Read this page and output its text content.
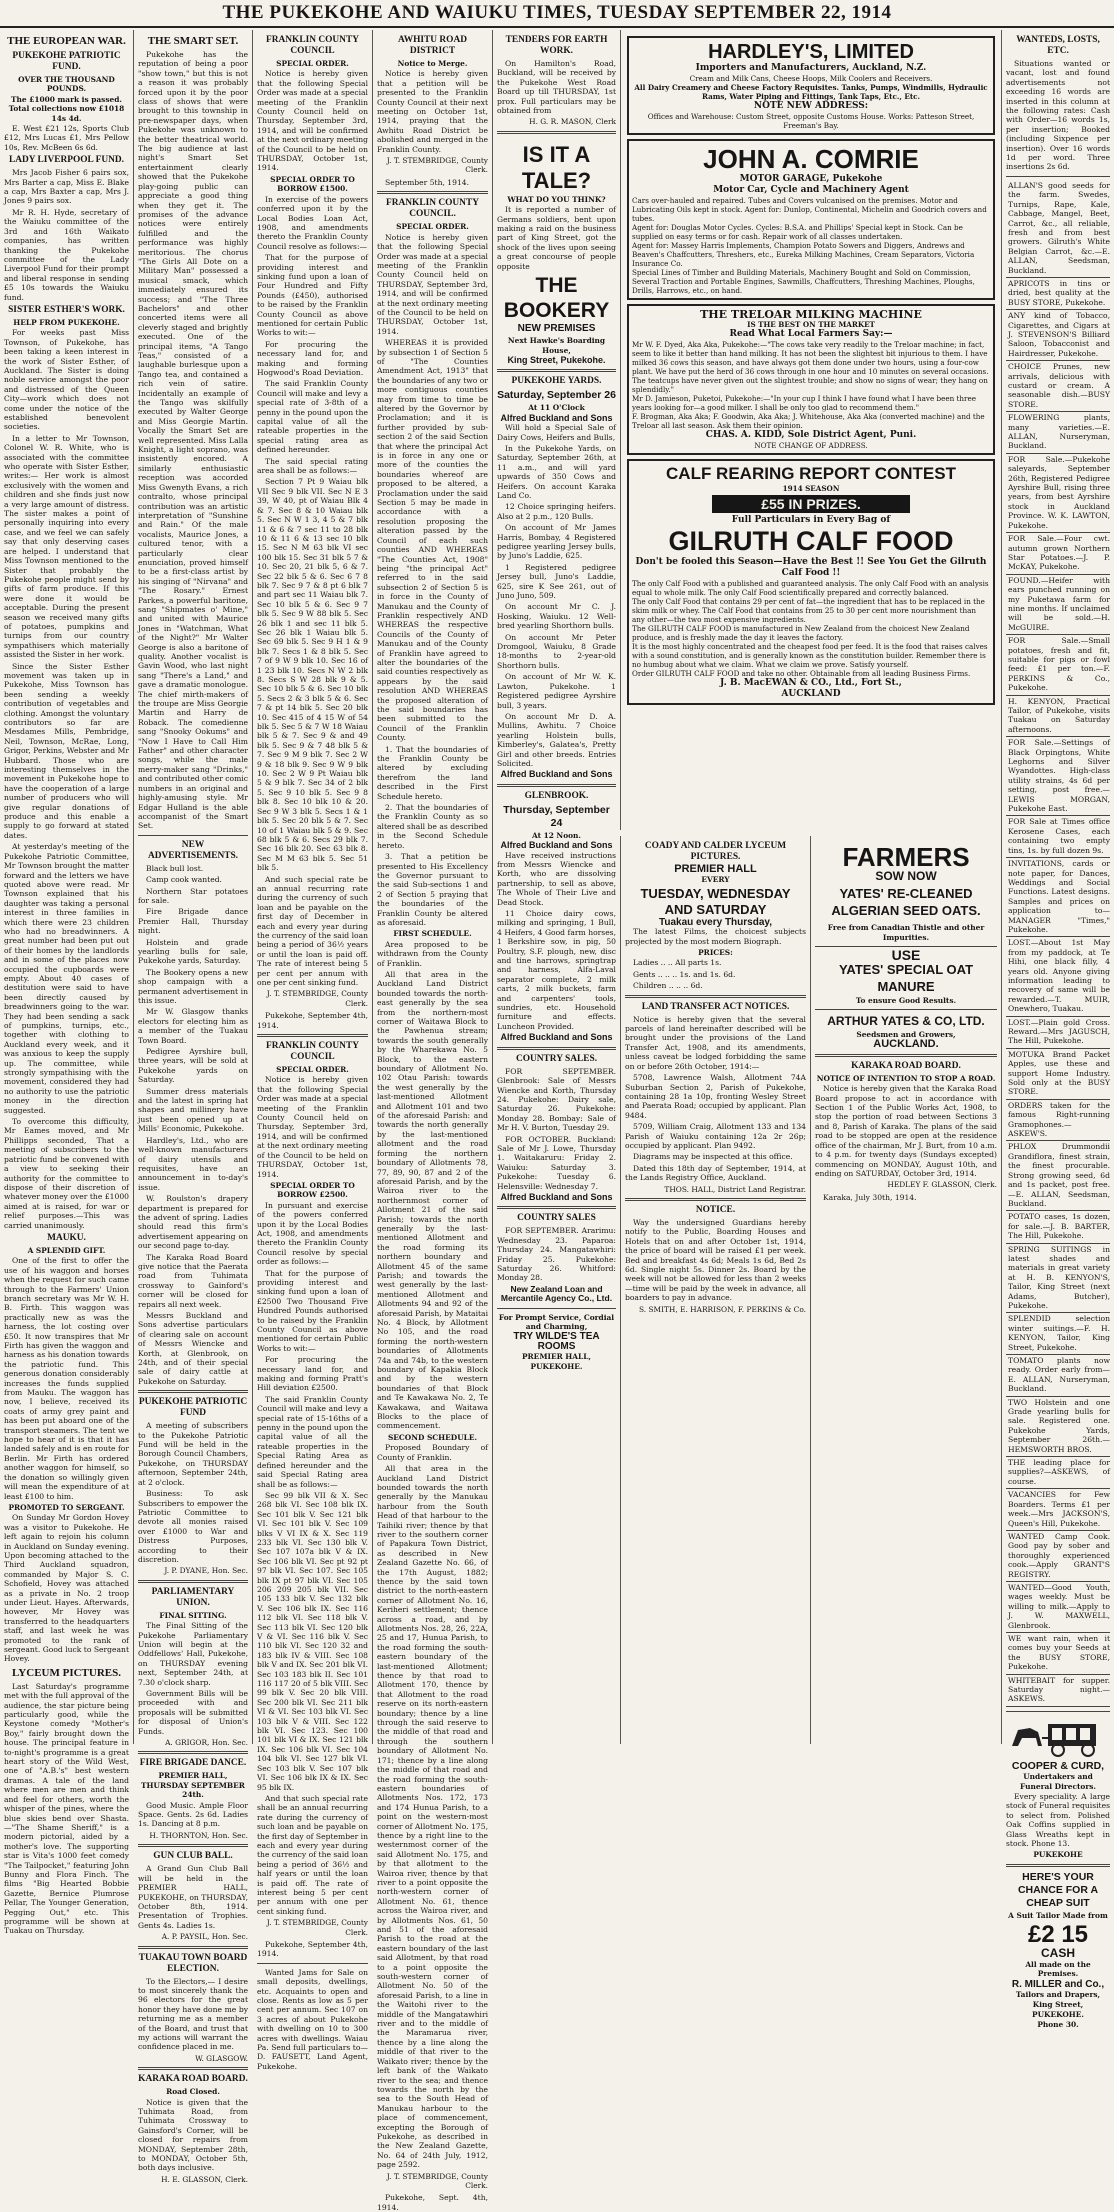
THE PUKEKOHE AND WAIUKU TIMES, TUESDAY SEPTEMBER 22, 1914
THE EUROPEAN WAR.
PUKEKOHE PATRIOTIC FUND.
OVER THE THOUSAND POUNDS.
The £1000 mark is passed. Total collections now £1018 14s 4d.

E. West £21 12s, Sports Club £12, Mrs Lucas £1, Mrs Pellow 10s, Rev. McBeen 6s 6d.

LADY LIVERPOOL FUND.

Mrs Jacob Fisher 6 pairs sox, Mrs Barter a cap, Miss E. Blake a cap, Mrs Baxter a cap, Mrs J. Jones 9 pairs sox.

Mr R. H. Hyde, secretary of the Waiuku committee of the 3rd and 16th Waikato companies, has written thanking the Pukekohe committee of the Lady Liverpool Fund for their prompt and liberal response in sending £5 10s towards the Waiuku fund.

SISTER ESTHER'S WORK.
HELP FROM PUKEKOHE.

For weeks past Miss Townson, of Pukekohe, has been taking a keen interest in the work of Sister Esther, of Auckland. The Sister is doing noble service amongst the poor and distressed of the Queen City—work which does not come under the notice of the established benevolent societies.

In a letter to Mr Townson, Colonel W. R. White, who is associated with the committee who operate with Sister Esther, writes:— Her work is almost exclusively with the women and children and she finds just now a very large amount of distress. The sister makes a point of personally inquiring into every case, and we feel we can safely say that only deserving cases are helped. I understand that Miss Townson mentioned to the Sister that probably the Pukekohe people might send by gifts of farm produce. If this were done it would be acceptable. During the present season we received many gifts of potatoes, pumpkins and turnips from our country sympathisers which materially assisted the Sister in her work.

Since the Sister Esther movement was taken up in Pukekohe, Miss Townson has been sending a weekly contribution of vegetables and clothing. Amongst the voluntary contributors so far are Mesdames Mills, Pembridge, Neil, Townson, McRae, Long, Grigor, Perkins, Webster and Mr Hubbard. Those who are interesting themselves in the movement in Pukekohe hope to have the cooperation of a large number of producers who will give regular donations of produce and this enable a supply to go forward at stated dates.

At yesterday's meeting of the Pukekohe Patriotic Committee, Mr Townson brought the matter forward and the letters we have quoted above were read. Mr Townson explained that his daughter was taking a personal interest in three families in which there were 23 children who had no breadwinners. A great number had been put out of their homes by the landlords and in some of the places now occupied the cupboards were empty. About 40 cases of destitution were said to have been directly caused by breadwinners going to the war. They had been sending a sack of pumpkins, turnips, etc., together with clothing to Auckland every week, and it was anxious to keep the supply up. The committee, while strongly sympathising with the movement, considered they had no authority to use the patriotic money in the direction suggested.

To overcome this difficulty, Mr Eames moved, and Mr Phillipps seconded, That a meeting of subscribers to the patriotic fund be convened with a view to seeking their authority for the committee to dispose of their discretion of whatever money over the £1000 aimed at is raised, for war or relief purposes.—This was carried unanimously.

MAUKU.
A SPLENDID GIFT.

One of the first to offer the use of his waggon and horses when the request for such came through to the Farmers' Union branch secretary was Mr W. H. B. Firth. This waggon was practically new as was the harness, the lot costing over £50. It now transpires that Mr Firth has given the waggon and harness as his donation towards the patriotic fund. This generous donation considerably increases the funds supplied from Mauku. The waggon has now, I believe, received its coats of army grey paint and has been put aboard one of the transport steamers. The tent we hope to hear of it is that it has landed safely and is en route for Berlin. Mr Firth has ordered another waggon for himself, so the donation so willingly given will mean the expenditure of at least £100 to him.

PROMOTED TO SERGEANT.

On Sunday Mr Gordon Hovey was a visitor to Pukekohe. He left again to rejoin his column in Auckland on Sunday evening. Upon becoming attached to the Third Auckland squadron, commanded by Major S. C. Schofield, Hovey was attached as a private in No. 2 troop under Lieut. Hayes. Afterwards, however, Mr Hovey was transferred to the headquarters staff, and last week he was promoted to the rank of sergeant. Good luck to Sergeant Hovey.

LYCEUM PICTURES.

Last Saturday's programme met with the full approval of the audience, the star picture being particularly good, while the Keystone comedy "Mother's Boy," fairly brought down the house. The principal feature in to-night's programme is a great heart story of the Wild West, one of "A.B.'s" best western dramas. A tale of the land where men are men and think and feel for others, worth the whisper of the pines, where the blue skies bend over Shasta.—"The Shame Sheriff," is a modern pictorial, aided by a mother's love. The supporting star is Vita's 1000 feet comedy "The Tailpocket," featuring John Bunny and Flora Finch. The films "Big Hearted Bobbie Gazette, Bernice Plumrose Pellar, The Younger Generation, Pegging Out," etc. This programme will be shown at Tuakau on Thursday.

THE SMART SET.

Pukekohe has the reputation of being a poor "show town," but this is not a reason it was probably forced upon it by the poor class of shows that were brought to this township in pre-newspaper days, when Pukekohe was unknown to the better theatrical world. The big audience at last night's Smart Set entertainment clearly showed that the Pukekohe play-going public can appreciate a good thing when they get it. The promises of the advance notices were entirely fulfilled and the performance was highly meritorious. The chorus "The Girls All Dote on a Military Man" possessed a musical smack, which immediately ensured its success; and "The Three Bachelors" and other concerted items were all cleverly staged and brightly executed. One of the principal items, "A Tango Teas," consisted of a laughable burlesque upon a Tango tea, and contained a rich vein of satire. Incidentally an example of the Tango was skilfully executed by Walter George and Miss Georgie Martin. Vocally the Smart Set are well represented. Miss Lalla Knight, a light soprano, was insistently encored. A similarly enthusiastic reception was accorded Miss Gwenyth Evans, a rich contralto, whose principal contribution was an artistic interpretation of "Sunshine and Rain." Of the male vocalists, Maurice Jones, a cultured tenor, with a particularly clear enunciation, proved himself to be a first-class artist by his singing of "Nirvana" and "The Rosary." Ernest Parkes, a powerful baritone, sang "Shipmates o' Mine," and united with Maurice Jones in "Watchman, What of the Night?" Mr Walter George is also a baritone of quality. Another vocalist is Gavin Wood, who last night sang "There's a Land," and gave a dramatic monologue. The chief mirth-makers of the troupe are Miss Georgie Martin and Harry de Roback. The comedienne sang "Snooky Ookums" and "Now I Have to Call Him Father" and other character songs, while the male merry-maker sang "Drinks," and contributed other comic numbers in an original and highly-amusing style. Mr Edgar Hulland is the able accompanist of the Smart Set.

NEW ADVERTISEMENTS.

Black bull lost.

Camp cook wanted.

Northern Star potatoes for sale.

Fire Brigade dance Premier Hall, Thursday night.

Holstein and grade yearling bulls for sale, Pukekohe yards, Saturday.

The Bookery opens a new shop campaign with a permanent advertisement in this issue.

Mr W. Glasgow thanks electors for electing him as a member of the Tuakau Town Board.

Pedigree Ayrshire bull, three years, will be sold at Pukekohe yards on Saturday.

Summer dress materials and the latest in spring hat shapes and millinery have just been opened up at Mills' Economic, Pukekohe.

Hardley's, Ltd., who are well-known manufacturers of dairy utensils and requisites, have an announcement in to-day's issue.

W. Roulston's drapery department is prepared for the advent of spring. Ladies should read this firm's advertisement appearing on our second page to-day.

The Karaka Road Board give notice that the Paerata road from Tuhimata crossway to Gainford's corner will be closed for repairs all next week.

Messrs Buckland and Sons advertise particulars of clearing sale on account of Messrs Wiencke and Korth, at Glenbrook, on 24th, and of their special sale of dairy cattle at Pukekohe on Saturday.

PUKEKOHE PATRIOTIC FUND

A meeting of subscribers to the Pukekohe Patriotic Fund will be held in the Borough Council Chambers, Pukekohe, on THURSDAY afternoon, September 24th, at 2 o'clock.

Business: To ask Subscribers to empower the Patriotic Committee to devote all monies raised over £1000 to War and Distress Purposes, according to their discretion.

J. P. DYANE, Hon. Sec.
PARLIAMENTARY UNION.
FINAL SITTING.

The Final Sitting of the Pukekohe Parliamentary Union will begin at the Oddfellows' Hall, Pukekohe, on THURSDAY evening next, September 24th, at 7.30 o'clock sharp.

Government Bills will be proceeded with and proposals will be submitted for disposal of Union's Funds.

A. GRIGOR, Hon. Sec.
FIRE BRIGADE DANCE.
PREMIER HALL, THURSDAY SEPTEMBER 24th.

Good Music. Ample Floor Space. Gents. 2s 6d. Ladies 1s. Dancing at 8 p.m.

H. THORNTON, Hon. Sec.
GUN CLUB BALL.

A Grand Gun Club Ball will be held in the PREMIER HALL, PUKEKOHE, on THURSDAY, October 8th, 1914. Presentation of Trophies. Gents 4s. Ladies 1s.

A. P. PAYSIL, Hon. Sec.
TUAKAU TOWN BOARD ELECTION.

To the Electors,— I desire to most sincerely thank the 96 electors for the great honor they have done me by returning me as a member of the Board, and trust that my actions will warrant the confidence placed in me.

W. GLASGOW.
KARAKA ROAD BOARD.
Road Closed.

Notice is given that the Tuhimata Road, from Tuhimata Crossway to Gainsford's Corner, will be closed for repairs from MONDAY, September 28th, to MONDAY, October 5th, both days inclusive.

H. E. GLASSON, Clerk.
FRANKLIN COUNTY COUNCIL
SPECIAL ORDER.

Notice is hereby given that the following Special Order was made at a special meeting of the Franklin County Council held on Thursday, September 3rd, 1914, and will be confirmed at the next ordinary meeting of the Council to be held on THURSDAY, October 1st, 1914.

SPECIAL ORDER TO BORROW £1500.

In exercise of the powers conferred upon it by the Local Bodies Loan Act, 1908, and amendments thereto the Franklin County Council resolve as follows:—

That for the purpose of providing interest and sinking fund upon a loan of Four Hundred and Fifty Pounds (£450), authorised to be raised by the Franklin County Council as above mentioned for certain Public Works to wit:—

For procuring the necessary land for, and making and forming Hogwood's Road Deviation.

The said Franklin County Council will make and levy a special rate of 3-8th of a penny in the pound upon the capital value of all the rateable properties in the special rating area as defined hereunder.

The said special rating area shall be as follows:—

Section 7 Pt 9 Waiau blk VII Sec 9 blk VII. Sec N E 3 39, W 40, pt of Waiau Blk 4 & 7. Sec 8 & 10 Waiau blk 5. Sec N W 1 3, 4 5 & 7 blk 11 & 6 & 7 sec 11 to 28 blk 10 & 11 6 & 13 sec 10 blk 15. Sec N M 63 blk VI sec 100 blk 15. Sec 31 blk 5 7 & 10. Sec 20, 21 blk 5, 6 & 7. Sec 22 blk 5 & 6. Sec 6 7 8 blk 7. Sec 9 7 & 8 pt 6 blk 7 and part sec 11 Waiau blk 7. Sec 10 blk 5 & 6. Sec 9 7 blk 5. Sec 9 W 88 blk 5. Sec 26 blk 1 and sec 11 blk 5. Sec 26 blk 1 Waiau blk 5. Sec 69 blk 5. Sec 9 H 1 & 9 blk 7. Secs 1 & 8 blk 5. Sec 7 of 9 W 9 blk 10. Sec 16 of 1 23 blk 10. Secs N W 2 blk 8. Secs S W 28 blk 9 & 5. Sec 10 blk 5 & 6. Sec 10 blk 5. Secs 2 & 3 blk 5 & 6. Sec 7 & pt 14 blk 5. Sec 20 blk 10. Sec 415 of 4 15 W of 54 blk 5. Sec 5 & 7 W 18 Waiau blk 5 & 7. Sec 9 & and 49 blk 5. Sec 9 & 7 48 blk 5 & 7. Sec 9 M 9 blk 7. Sec 2 W 9 & 18 blk 9. Sec 9 W 9 blk 10. Sec 2 W 9 Pt Waiau blk 5 & 9 blk 7. Sec 34 of 2 blk 5. Sec 9 10 blk 5. Sec 9 8 blk 8. Sec 10 blk 10 & 20. Sec 9 W 3 blk 5. Secs 1 & 1 blk 5. Sec 20 blk 5 & 7. Sec 10 of 1 Waiau blk 5 & 9. Sec 68 blk 5 & 6. Secs 29 blk 7. Sec 16 blk 20. Sec 63 blk 8. Sec M M 63 blk 5. Sec 51 blk 5.

And such special rate be an annual recurring rate during the currency of such loan and be payable on the first day of December in each and every year during the currency of the said loan being a period of 36½ years or until the loan is paid off. The rate of interest being 5 per cent per annum with one per cent sinking fund.

J. T. STEMBRIDGE, County Clerk.

Pukekohe, September 4th, 1914.

FRANKLIN COUNTY COUNCIL
SPECIAL ORDER.

Notice is hereby given that the following Special Order was made at a special meeting of the Franklin County Council held on Thursday, September 3rd, 1914, and will be confirmed at the next ordinary meeting of the Council to be held on THURSDAY, October 1st, 1914.

SPECIAL ORDER TO BORROW £2500.

In pursuant and exercise of the powers conferred upon it by the Local Bodies Act, 1908, and amendments thereto the Franklin County Council resolve by special order as follows:—

That for the purpose of providing interest and sinking fund upon a loan of £2500 Two Thousand Five Hundred Pounds authorised to be raised by the Franklin County Council as above mentioned for certain Public Works to wit:—

For procuring the necessary land for, and making and forming Pratt's Hill deviation £2500.

The said Franklin County Council will make and levy a special rate of 15-16ths of a penny in the pound upon the capital value of all the rateable properties in the Special Rating Area as defined hereunder and the said Special Rating area shall be as follows:—

Sec 99 blk VII & X. Sec 268 blk VI. Sec 108 blk IX. Sec 101 blk V. Sec 121 blk VI. Sec 101 blk V. Sec 109 blks V VI IX & X. Sec 119 233 blk VI. Sec 130 blk V. Sec 107 107a blk V & IX. Sec 106 blk VI. Sec pt 92 pt 97 blk VI. Sec 107. Sec 105 blk IX pt 97 blk VI. Sec 105 206 209 205 blk VII. Sec 105 133 blk V. Sec 132 blk V. Sec 106 blk IX. Sec 116 112 blk VI. Sec 118 blk V. Sec 113 blk VI. Sec 120 blk V & VI. Sec 116 blk V. Sec 110 blk VI. Sec 120 32 and 183 blk IV & VIII. Sec 108 blk V and IX. Sec 201 blk VI. Sec 103 183 blk II. Sec 101 116 117 20 of 5 blk VIII. Sec 99 blk V. Sec 20 blk VIII. Sec 200 blk VI. Sec 211 blk VI & VI. Sec 103 blk VI. Sec 103 blk V & VIII. Sec 122 blk VI. Sec 123. Sec 100 101 blk VI & IX. Sec 121 blk IX. Sec 106 blk VI. Sec 104 104 blk VI. Sec 127 blk VI. Sec 103 blk V. Sec 107 blk VI. Sec 106 blk IX & IX. Sec 95 blk IX.

And that such special rate shall be an annual recurring rate during the currency of such loan and be payable on the first day of September in each and every year during the currency of the said loan being a period of 36½ and half years or until the loan is paid off. The rate of interest being 5 per cent per annum with one per cent sinking fund.

J. T. STEMBRIDGE, County Clerk.

Pukekohe, September 4th, 1914.

Wanted Jams for Sale on small deposits, dwellings, etc. Acquaints to open and close. Rents as low as 5 per cent per annum. Sec 107 on 3 acres of about Pukekohe with dwelling on 10 to 300 acres with dwellings. Waiau Pa. Send full particulars to—D. FAUSETT, Land Agent, Pukekohe.

AWHITU ROAD DISTRICT
Notice to Merge.

Notice is hereby given that a petition will be presented to the Franklin County Council at their next meeting on October 1st, 1914, praying that the Awhitu Road District be abolished and merged in the Franklin County.

J. T. STEMBRIDGE, County Clerk.

September 5th, 1914.

FRANKLIN COUNTY COUNCIL.
SPECIAL ORDER.

Notice is hereby given that the following Special Order was made at a special meeting of the Franklin County Council held on THURSDAY, September 3rd, 1914, and will be confirmed at the next ordinary meeting of the Council to be held on THURSDAY, October 1st, 1914.

WHEREAS it is provided by subsection 1 of Section 5 of "The Counties Amendment Act, 1913" that the boundaries of any two or more contiguous counties may from time to time be altered by the Governor by Proclamation; and it is further provided by sub-section 2 of the said Section that where the principal Act is in force in any one or more of the counties the boundaries whereof are proposed to be altered, a Proclamation under the said Section 5 may be made in accordance with a resolution proposing the alteration passed by the Council of each such counties AND WHEREAS "The Counties Act, 1908" being "the principal Act" referred to in the said subsection 2 of Section 5 is in force in the County of Manukau and the County of Franklin respectively AND WHEREAS the respective Councils of the County of Manukau and of the County of Franklin have agreed to alter the boundaries of the said counties respectively as appears by the said resolution AND WHEREAS the proposed alteration of the said boundaries has been submitted to the Council of the Franklin County.

1. That the boundaries of the Franklin County be altered by excluding therefrom the land described in the First Schedule hereto.

2. That the boundaries of the Franklin County as so altered shall be as described in the Second Schedule hereto.

3. That a petition be presented to His Excellency the Governor pursuant to the said Sub-sections 1 and 2 of Section 5 praying that the boundaries of the Franklin County be altered as aforesaid.

FIRST SCHEDULE.

Area proposed to be withdrawn from the County of Franklin.

All that area in the Auckland Land District bounded towards the north-east generally by the sea from the northern-most corner of Waitawa Block to the Pawhenua stream; towards the south generally by the Wharekawa No. 5 Block, to the eastern boundary of Allotment No. 102 Otau Parish: towards the west generally by the last-mentioned Allotment and Allotment 101 and two of the aforesaid Parish: and towards the north generally by the last-mentioned allotment and the road forming the northern boundary of Allotments 78, 77, 89, 90, 87 and 2 of the aforesaid Parish, and by the Wairoa river to the northernmost corner of Allotment 21 of the said Parish; towards the north generally by the last-mentioned Allotment and the road forming its northern boundary and Allotment 45 of the same Parish; and towards the west generally by the last-mentioned Allotment and Allotments 94 and 92 of the aforesaid Parish, by Mataitai No. 4 Block, by Allotment No 105, and the road forming the north-western boundaries of Allotments 74a and 74b, to the western boundary of Kapakia Block and by the western boundaries of that Block and Te Kawakawa No. 2, Te Kawakawa, and Waitawa Blocks to the place of commencement.

SECOND SCHEDULE.

Proposed Boundary of County of Franklin.

All that area in the Auckland Land District bounded towards the north generally by the Manukau harbour from the South Head of that harbour to the Taihiki river; thence by that river to the southern corner of Papakura Town District, as described in New Zealand Gazette No. 66, of the 17th August, 1882; thence by the said town district to the north-eastern corner of Allotment No. 16, Keriheri settlement; thence across a road, and by Allotments Nos. 28, 26, 22A, 25 and 17, Hunua Parish, to the road forming the south-eastern boundary of the last-mentioned Allotment; thence by that road to Allotment 170, thence by that Allotment to the road reserve on its north-eastern boundary; thence by a line through the said reserve to the middle of that road and through the southern boundary of Allotment No. 171; thence by a line along the middle of that road and the road forming the south-eastern boundaries of Allotments Nos. 172, 173 and 174 Hunua Parish, to a point on the western-most corner of Allotment No. 175, thence by a right line to the westernmost corner of the said Allotment No. 175, and by that allotment to the Wairoa river, thence by that river to a point opposite the north-western corner of Allotment No. 61, thence across the Wairoa river, and by Allotments Nos. 61, 50 and 51 of the aforesaid Parish to the road at the eastern boundary of the last said Allotment, by that road to a point opposite the south-western corner of Allotment No. 50 of the aforesaid Parish, to a line in the Waitohi river to the middle of the Mangatawhiri river and to the middle of the Maramarua river, thence by a line along the middle of that river to the Waikato river; thence by the left bank of the Waikato river to the sea; and thence towards the north by the sea to the South Head of Manukau harbour to the place of commencement, excepting the Borough of Pukekohe, as described in the New Zealand Gazette, No. 64 of 24th July, 1912, page 2592.

J. T. STEMBRIDGE, County Clerk.

Pukekohe, Sept. 4th, 1914.

TENDERS FOR EARTH WORK.

On Hamilton's Road, Buckland, will be received by the Pukekohe West Road Board up till THURSDAY, 1st prox. Full particulars may be obtained from

H. G. R. MASON, Clerk
IS IT A TALE?
WHAT DO YOU THINK?

It is reported a number of Germans soldiers, bent upon making a raid on the business part of King Street, got the shock of the lives upon seeing a great concourse of people opposite

THE BOOKERY
NEW PREMISES
Next Hawke's Boarding House,
King Street, Pukekohe.
PUKEKOHE YARDS.
Saturday, September 26
At 11 O'Clock
Alfred Buckland and Sons

Will hold a Special Sale of Dairy Cows, Heifers and Bulls,

In the Pukekohe Yards, on Saturday, September 26th, at 11 a.m., and will yard upwards of 350 Cows and Heifers. On account Karaka Land Co.

12 Choice springing heifers. Also at 2 p.m., 120 Bulls.

On account of Mr James Harris, Bombay, 4 Registered pedigree yearling Jersey bulls, by Juno's Laddie, 625.

1 Registered pedigree Jersey bull, Juno's Laddie, 625, sire K See 261, out of Juno Juno, 509.

On account Mr C. J. Hosking, Waiuku. 12 Well-bred yearling Shorthorn bulls.

On account Mr Peter Dromgool, Waiuku, 8 Grade 18-months to 2-year-old Shorthorn bulls.

On account of Mr W. K. Lawton, Pukekohe. 1 Registered pedigree Ayrshire bull, 3 years.

On account Mr D. A. Mullins, Awhitu. 7 Choice yearling Holstein bulls, Kimberley's, Galatea's, Pretty Girl and other breeds. Entries Solicited.

Alfred Buckland and Sons
GLENBROOK.
Thursday, September 24
At 12 Noon.
Alfred Buckland and Sons

Have received instructions from Messrs Wiencke and Korth, who are dissolving partnership, to sell as above, The Whole of Their Live and Dead Stock.

11 Choice dairy cows, milking and springing, 1 Bull, 4 Heifers, 4 Good farm horses, 1 Berkshire sow, in pig, 50 Poultry, S.F. plough, new, disc and tine harrows, springtrap and harness, Alfa-Laval separator complete, 2 milk carts, 2 milk buckets, farm and carpenters' tools, sundries, etc. Household furniture and effects. Luncheon Provided.

Alfred Buckland and Sons
COUNTRY SALES.

FOR SEPTEMBER. Glenbrook: Sale of Messrs Wiencke and Korth, Thursday 24. Pukekohe: Dairy sale, Saturday 26. Pukekohe: Monday 28. Bombay: Sale of Mr H. V. Burton, Tuesday 29.

FOR OCTOBER. Buckland: Sale of Mr J. Lowe, Thursday 1. Waitakaruru: Friday 2. Waiuku: Saturday 3. Pukekohe: Tuesday 6. Helensville: Wednesday 7.

Alfred Buckland and Sons
COUNTRY SALES

FOR SEPTEMBER. Ararimu: Wednesday 23. Paparoa: Thursday 24. Mangatawhiri: Friday 25. Pukekohe: Saturday 26. Whitford: Monday 28.

New Zealand Loan and Mercantile Agency Co., Ltd.
For Prompt Service, Cordial and Charming,
TRY WILDE'S TEA ROOMS
PREMIER HALL, PUKEKOHE.
HARDLEY'S, LIMITED
Importers and Manufacturers, Auckland, N.Z.
Cream and Milk Cans, Cheese Hoops, Milk Coolers and Receivers.
All Dairy Creamery and Cheese Factory Requisites. Tanks, Pumps, Windmills, Hydraulic Rams, Water Piping and Fittings, Tank Taps, Etc., Etc.
NOTE NEW ADDRESS:
Offices and Warehouse: Custom Street, opposite Customs House. Works: Patteson Street, Freeman's Bay.
JOHN A. COMRIE
MOTOR GARAGE, Pukekohe
Motor Car, Cycle and Machinery Agent
Cars over-hauled and repaired. Tubes and Covers vulcanised on the premises. Motor and Lubricating Oils kept in stock. Agent for: Dunlop, Continental, Michelin and Goodrich covers and tubes.
Agent for: Douglas Motor Cycles. Cycles: B.S.A. and Phillips' Special kept in Stock. Can be supplied on easy terms or for cash. Repair work of all classes undertaken.
Agent for: Massey Harris Implements, Champion Potato Sowers and Diggers, Andrews and Beaven's Chaffcutters, Threshers, etc., Eureka Milking Machines, Cream Separators, Victoria Insurance Co.
Special Lines of Timber and Building Materials, Machinery Bought and Sold on Commission, Several Traction and Portable Engines, Sawmills, Chaffcutters, Threshing Machines, Ploughs, Drills, Harrows, etc., on hand.
THE TRELOAR MILKING MACHINE
IS THE BEST ON THE MARKET
Read What Local Farmers Say:—
Mr W. F. Dyed, Aka Aka, Pukekohe:—"The cows take very readily to the Treloar machine; in fact, seem to like it better than hand milking. It has not been the slightest bit injurious to them. I have milked 36 cows this season, and have always got them done under two hours, using a four-cow plant. We have put the herd of 36 cows through in one hour and 10 minutes on several occasions. The teatcups have never given out the slightest trouble; and show no signs of wear; they hang on splendidly."
Mr D. Jamieson, Puketoi, Pukekohe:—"In your cup I think I have found what I have been three years looking for—a good milker. I shall be only too glad to recommend them."
F. Brogman, Aka Aka; F. Goodwin, Aka Aka; J. Whitehouse, Aka Aka (converted machine) and the Treloar all last season. Ask them their opinion.
CHAS. A. KIDD, Sole District Agent, Puni.
NOTE CHANGE OF ADDRESS.
CALF REARING REPORT CONTEST
1914 SEASON
£55 IN PRIZES.
Full Particulars in Every Bag of
GILRUTH CALF FOOD
Don't be fooled this Season—Have the Best !! See You Get the Gilruth Calf Food !!
The only Calf Food with a published and guaranteed analysis. The only Calf Food with an analysis equal to whole milk. The only Calf Food scientifically prepared and correctly balanced.
The only Calf Food that contains 29 per cent of fat—the ingredient that has to be replaced in the skim milk or whey. The Calf Food that contains from 25 to 30 per cent more nourishment than any other—the two most expensive ingredients.
The GILRUTH CALF FOOD is manufactured in New Zealand from the choicest New Zealand produce, and is freshly made the day it leaves the factory.
It is the most highly concentrated and the cheapest food per feed. It is the food that raises calves with a sound constitution, and is generally known as the constitution builder. Remember there is no humbug about what we claim. What we claim we prove. Satisfy yourself.
Order GILRUTH CALF FOOD and take no other. Obtainable from all leading Business Firms.
J. B. MacEWAN & CO., Ltd., Fort St.,
AUCKLAND
COADY AND CALDER LYCEUM PICTURES.
PREMIER HALL
EVERY
TUESDAY, WEDNESDAY AND SATURDAY
Tuakau every Thursday,

The latest Films, the choicest subjects projected by the most modern Biograph.

PRICES:

Ladies .. .. All parts 1s.

Gents .. .. .. 1s. and 1s. 6d.

Children .. .. .. 6d.

LAND TRANSFER ACT NOTICES.

Notice is hereby given that the several parcels of land hereinafter described will be brought under the provisions of the Land Transfer Act, 1908, and its amendments, unless caveat be lodged forbidding the same on or before 26th October, 1914:—

5708, Lawrence Walsh, Allotment 74A Suburban Section 2, Parish of Pukekohe, containing 28 1a 10p, fronting Wesley Street and Paerata Road; occupied by applicant. Plan 9484.

5709, William Craig, Allotment 133 and 134 Parish of Waiuku containing 12a 2r 26p; occupied by applicant. Plan 9492.

Diagrams may be inspected at this office.

Dated this 18th day of September, 1914, at the Lands Registry Office, Auckland.

THOS. HALL, District Land Registrar.
NOTICE.

Way the undersigned Guardians hereby notify to the Public, Boarding Houses and Hotels that on and after October 1st, 1914, the price of board will be raised £1 per week. Bed and breakfast 4s 6d; Meals 1s 6d, Bed 2s 6d. Single night 5s. Dinner 2s. Board by the week will not be allowed for less than 2 weeks—time will be paid by the week in advance, all boarders to pay in advance.

S. SMITH, E. HARRISON, F. PERKINS & Co.
FARMERS
SOW NOW
YATES' RE-CLEANED ALGERIAN SEED OATS.
Free from Canadian Thistle and other Impurities.
USE
YATES' SPECIAL OAT MANURE
To ensure Good Results.
ARTHUR YATES & CO, LTD.
Seedsmen and Growers,
AUCKLAND.
KARAKA ROAD BOARD.
NOTICE OF INTENTION TO STOP A ROAD.

Notice is hereby given that the Karaka Road Board propose to act in accordance with Section 1 of the Public Works Act, 1908, to stop the portion of road between Sections 3 and 8, Parish of Karaka. The plans of the said road to be stopped are open at the residence office of the chairman, Mr J. Burt, from 10 a.m. to 4 p.m. for twenty days (Sundays excepted) commencing on MONDAY, August 10th, and ending on SATURDAY, October 3rd, 1914.

HEDLEY F. GLASSON, Clerk.

Karaka, July 30th, 1914.

WANTEDS, LOSTS, ETC.

Situations wanted or vacant, lost and found advertisements not exceeding 16 words are inserted in this column at the following rates: Cash with Order—16 words 1s, per insertion; Booked (including Sixpence per insertion). Over 16 words 1d per word. Three insertions 2s 6d.

ALLAN'S good seeds for the farm. Swedes, Turnips, Rape, Kale, Cabbage, Mangel, Beet, Carrot, &c., all reliable, fresh and from best growers. Gilruth's White Belgian Carrot, &c.—E. ALLAN, Seedsman, Buckland.

APRICOTS in tins or dried, best quality at the BUSY STORE, Pukekohe.

ANY kind of Tobacco, Cigarettes, and Cigars at J. STEVENSON'S Billiard Saloon, Tobacconist and Hairdresser, Pukekohe.

CHOICE Prunes, new arrivals, delicious with custard or cream. A seasonable dish.—BUSY STORE.

FLOWERING plants, many varieties.—E. ALLAN, Nurseryman, Buckland.

FOR Sale.—Pukekohe saleyards, September 26th, Registered Pedigree Ayrshire Bull, rising three years, from best Ayrshire stock in Auckland Province. W. K. LAWTON, Pukekohe.

FOR Sale.—Four cwt. autumn grown Northern Star Potatoes.—J. P. McKAY, Pukekohe.

FOUND.—Heifer with ears punched running on my Puketawa farm for nine months. If unclaimed will be sold.—H. McGUIRE.

FOR Sale.—Small potatoes, fresh and fit, suitable for pigs or fowl feed: £1 per ton.—F. PERKINS & Co., Pukekohe.

H. KENYON, Practical Tailor, of Pukekohe, visits Tuakau on Saturday afternoons.

FOR Sale.—Settings of Black Orpingtons, White Leghorns and Silver Wyandottes. High-class utility strains, 4s 6d per setting, post free.—LEWIS MORGAN, Pukekohe East.

FOR Sale at Times office Kerosene Cases, each containing two empty tins, 1s. by full dozen 9s.

INVITATIONS, cards or note paper, for Dances, Weddings and Social Functions. Latest designs. Samples and prices on application to—MANAGER "Times," Pukekohe.

LOST.—About 1st May from my paddock, at Te Hihi, one black filly, 4 years old. Anyone giving information leading to recovery of same will be rewarded.—T. MUIR, Onewhero, Tuakau.

LOST.—Plain gold Cross. Reward.—Mrs JAGUSCH, The Hill, Pukekohe.

MOTUKA Brand Packet Apples, use these and support Home Industry. Sold only at the BUSY STORE.

ORDERS taken for the famous Right-running Gramophones.—ASKEW'S.

PHLOX Drummondii Grandiflora, finest strain, the finest procurable. Strong growing seed, 6d and 1s packet, post free.—E. ALLAN, Seedsman, Buckland.

POTATO cases, 1s dozen, for sale.—J. B. BARTER, The Hill, Pukekohe.

SPRING SUITINGS in latest shades and materials in great variety at H. B. KENYON'S, Tailor, King Street (next Adams, Butcher), Pukekohe.

SPLENDID selection winter suitings.—F. H. KENYON, Tailor, King Street, Pukekohe.

TOMATO plants now ready. Order early from—E. ALLAN, Nurseryman, Buckland.

TWO Holstein and one Grade yearling bulls for sale. Registered one. Pukekohe Yards, September 26th.—HEMSWORTH BROS.

THE leading place for supplies?—ASKEWS, of course.

VACANCIES for Few Boarders. Terms £1 per week.—Mrs JACKSON'S, Queen's Hill, Pukekohe.

WANTED Camp Cook. Good pay by sober and thoroughly experienced cook.—Apply GRANT'S REGISTRY.

WANTED—Good Youth, wages weekly. Must be willing to milk.—Apply to J. W. MAXWELL, Glenbrook.

WE want rain, when it comes buy your Seeds at the BUSY STORE, Pukekohe.

WHITEBAIT for supper. Saturday night.—ASKEWS.

COOPER & CURD,
Undertakers and Funeral Directors.

Every speciality. A large stock of Funeral requisites to select from. Polished Oak Coffins supplied in Glass Wreaths kept in stock. Phone 13.

PUKEKOHE
HERE'S YOUR CHANCE FOR A CHEAP SUIT
A Suit Tailor Made from
£2 15
CASH
All made on the Premises.
R. MILLER and Co.,
Tailors and Drapers,
King Street, PUKEKOHE.
Phone 30.
